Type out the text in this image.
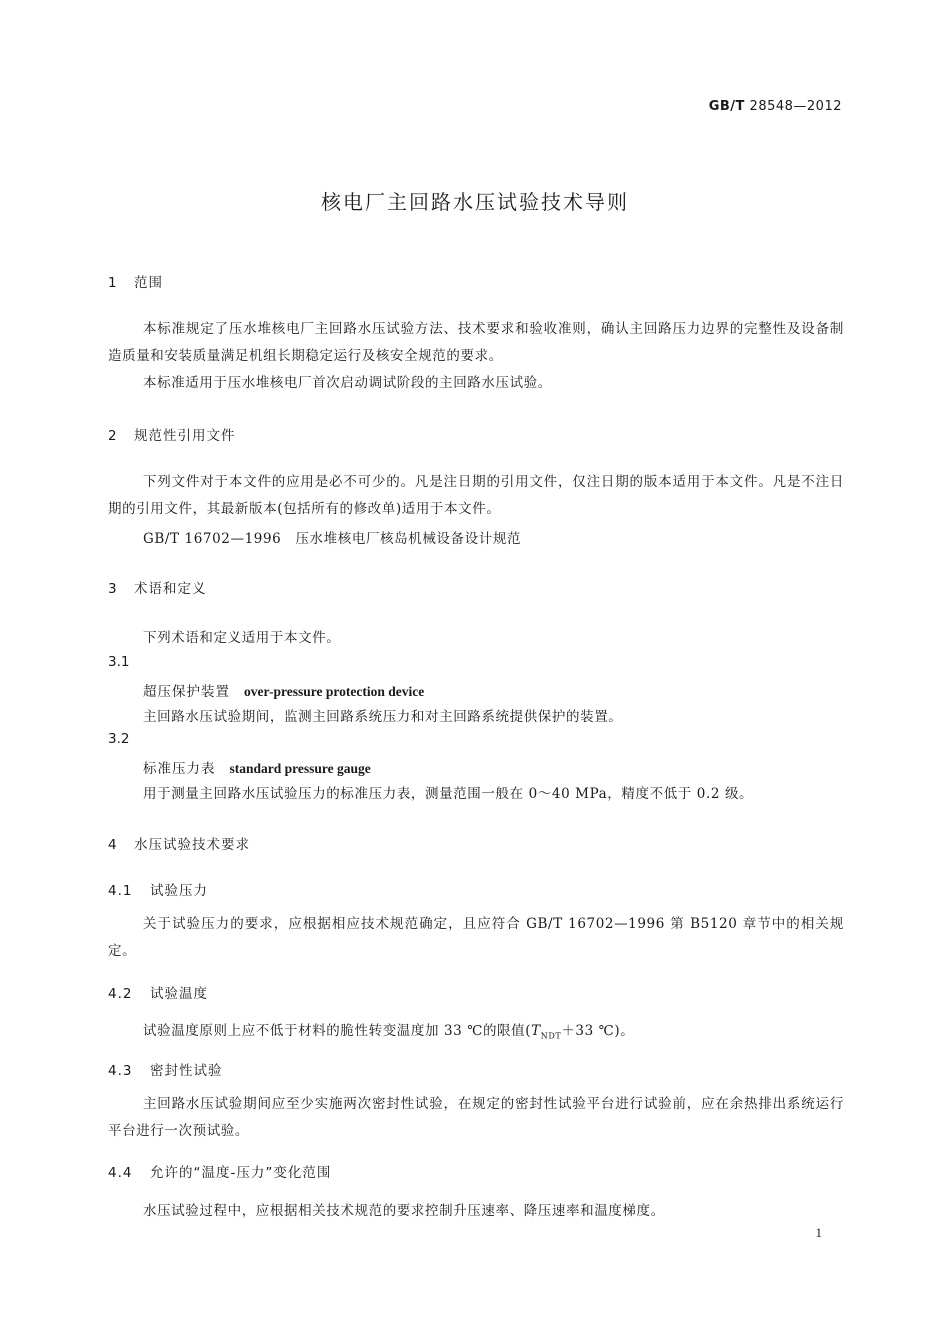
GB/T 28548—2012
核电厂主回路水压试验技术导则
1 范围
本标准规定了压水堆核电厂主回路水压试验方法、技术要求和验收准则，确认主回路压力边界的完整性及设备制造质量和安装质量满足机组长期稳定运行及核安全规范的要求。
本标准适用于压水堆核电厂首次启动调试阶段的主回路水压试验。
2 规范性引用文件
下列文件对于本文件的应用是必不可少的。凡是注日期的引用文件，仅注日期的版本适用于本文件。凡是不注日期的引用文件，其最新版本(包括所有的修改单)适用于本文件。
GB/T 16702—1996　压水堆核电厂核岛机械设备设计规范
3 术语和定义
下列术语和定义适用于本文件。
3.1
超压保护装置 over-pressure protection device
主回路水压试验期间，监测主回路系统压力和对主回路系统提供保护的装置。
3.2
标准压力表 standard pressure gauge
用于测量主回路水压试验压力的标准压力表，测量范围一般在 0～40 MPa，精度不低于 0.2 级。
4 水压试验技术要求
4.1 试验压力
关于试验压力的要求，应根据相应技术规范确定，且应符合 GB/T 16702—1996 第 B5120 章节中的相关规定。
4.2 试验温度
试验温度原则上应不低于材料的脆性转变温度加 33 ℃的限值($T_{NDT}+33$ ℃)。
4.3 密封性试验
主回路水压试验期间应至少实施两次密封性试验，在规定的密封性试验平台进行试验前，应在余热排出系统运行平台进行一次预试验。
4.4 允许的“温度-压力”变化范围
水压试验过程中，应根据相关技术规范的要求控制升压速率、降压速率和温度梯度。
1
